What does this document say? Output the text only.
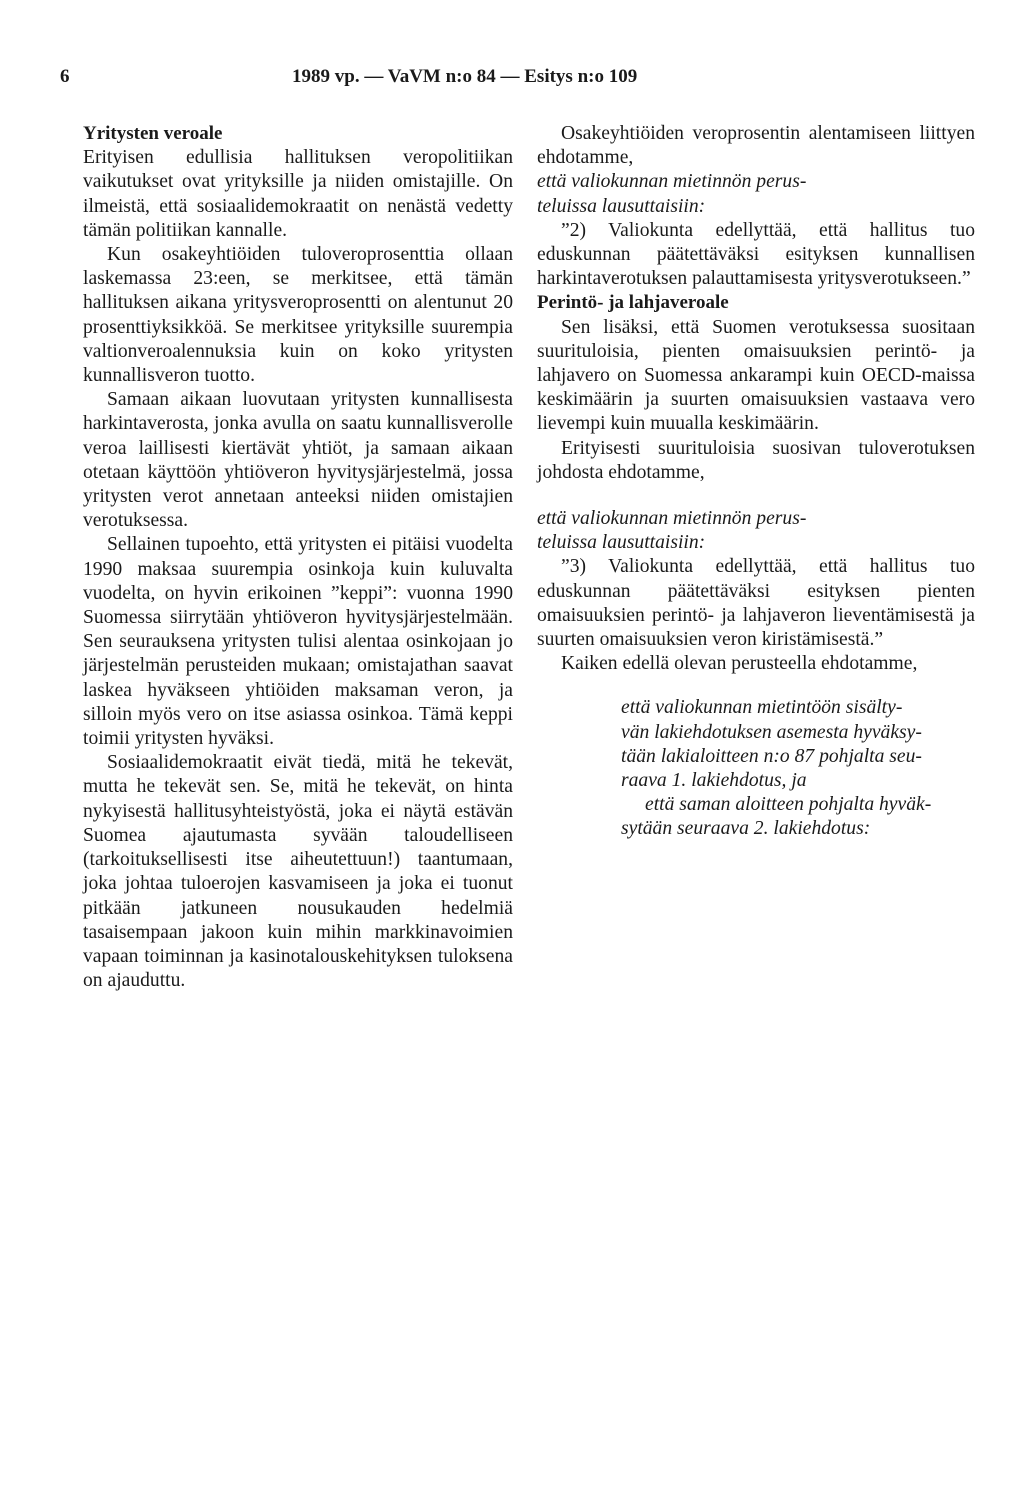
6	1989 vp. — VaVM n:o 84 — Esitys n:o 109

Yritysten veroale

Erityisen edullisia hallituksen veropolitiikan vaikutukset ovat yrityksille ja niiden omistajille. On ilmeistä, että sosiaalidemokraatit on nenästä vedetty tämän politiikan kannalle.

Kun osakeyhtiöiden tuloveroprosenttia ollaan laskemassa 23:een, se merkitsee, että tämän hallituksen aikana yritysveroprosentti on alentunut 20 prosenttiyksikköä. Se merkitsee yrityksille suurempia valtionveroalennuksia kuin on koko yritysten kunnallisveron tuotto.

Samaan aikaan luovutaan yritysten kunnallisesta harkintaverosta, jonka avulla on saatu kunnallisverolle veroa laillisesti kiertävät yhtiöt, ja samaan aikaan otetaan käyttöön yhtiöveron hyvitysjärjestelmä, jossa yritysten verot annetaan anteeksi niiden omistajien verotuksessa.

Sellainen tupoehto, että yritysten ei pitäisi vuodelta 1990 maksaa suurempia osinkoja kuin kuluvalta vuodelta, on hyvin erikoinen ”keppi”: vuonna 1990 Suomessa siirrytään yhtiöveron hyvitysjärjestelmään. Sen seurauksena yritysten tulisi alentaa osinkojaan jo järjestelmän perusteiden mukaan; omistajathan saavat laskea hyväkseen yhtiöiden maksaman veron, ja silloin myös vero on itse asiassa osinkoa. Tämä keppi toimii yritysten hyväksi.

Sosiaalidemokraatit eivät tiedä, mitä he tekevät, mutta he tekevät sen. Se, mitä he tekevät, on hinta nykyisestä hallitusyhteistyöstä, joka ei näytä estävän Suomea ajautumasta syvään taloudelliseen (tarkoituksellisesti itse aiheutettuun!) taantumaan, joka johtaa tuloerojen kasvamiseen ja joka ei tuonut pitkään jatkuneen nousukauden hedelmiä tasaisempaan jakoon kuin mihin markkinavoimien vapaan toiminnan ja kasinotalouskehityksen tuloksena on ajauduttu.

Osakeyhtiöiden veroprosentin alentamiseen liittyen ehdotamme,

että valiokunnan mietinnön perus-
teluissa lausuttaisiin:

”2) Valiokunta edellyttää, että hallitus tuo eduskunnan päätettäväksi esityksen kunnallisen harkintaverotuksen palauttamisesta yritysverotukseen.”

Perintö- ja lahjaveroale

Sen lisäksi, että Suomen verotuksessa suositaan suurituloisia, pienten omaisuuksien perintö- ja lahjavero on Suomessa ankarampi kuin OECD-maissa keskimäärin ja suurten omaisuuksien vastaava vero lievempi kuin muualla keskimäärin.

Erityisesti suurituloisia suosivan tuloverotuksen johdosta ehdotamme,

että valiokunnan mietinnön perus-
teluissa lausuttaisiin:

”3) Valiokunta edellyttää, että hallitus tuo eduskunnan päätettäväksi esityksen pienten omaisuuksien perintö- ja lahjaveron lieventämisestä ja suurten omaisuuksien veron kiristämisestä.”

Kaiken edellä olevan perusteella ehdotamme,

että valiokunnan mietintöön sisälty-
vän lakiehdotuksen asemesta hyväksy-
tään lakialoitteen n:o 87 pohjalta seu-
raava 1. lakiehdotus, ja

että saman aloitteen pohjalta hyväk-
sytään seuraava 2. lakiehdotus:
